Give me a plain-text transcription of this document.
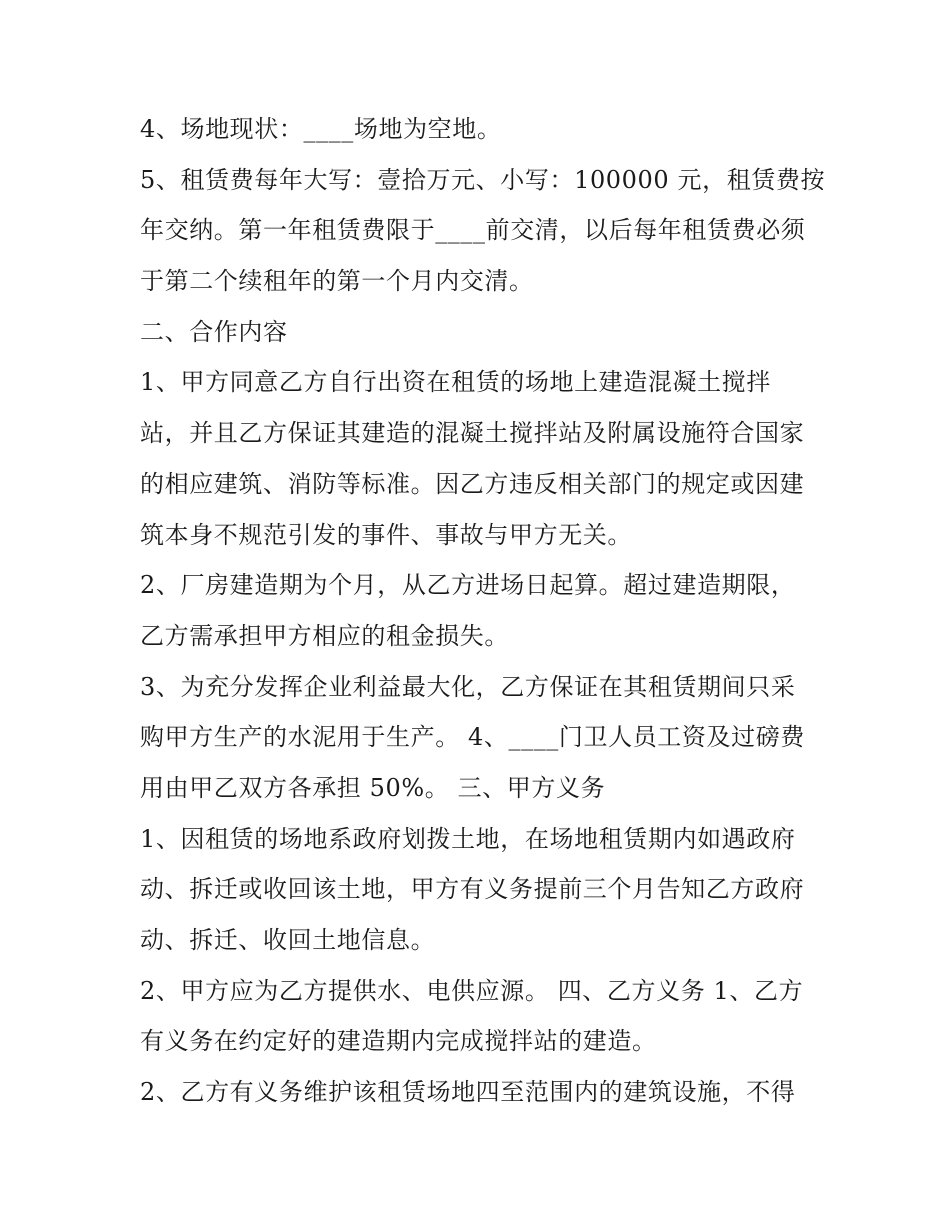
4、场地现状：____场地为空地。
5、租赁费每年大写：壹拾万元、小写：100000 元，租赁费按
年交纳。第一年租赁费限于____前交清，以后每年租赁费必须
于第二个续租年的第一个月内交清。
二、合作内容
1、甲方同意乙方自行出资在租赁的场地上建造混凝土搅拌
站，并且乙方保证其建造的混凝土搅拌站及附属设施符合国家
的相应建筑、消防等标准。因乙方违反相关部门的规定或因建
筑本身不规范引发的事件、事故与甲方无关。
2、厂房建造期为个月，从乙方进场日起算。超过建造期限，
乙方需承担甲方相应的租金损失。
3、为充分发挥企业利益最大化，乙方保证在其租赁期间只采
购甲方生产的水泥用于生产。 4、____门卫人员工资及过磅费
用由甲乙双方各承担 50%。 三、甲方义务
1、因租赁的场地系政府划拨土地，在场地租赁期内如遇政府
动、拆迁或收回该土地，甲方有义务提前三个月告知乙方政府
动、拆迁、收回土地信息。
2、甲方应为乙方提供水、电供应源。 四、乙方义务 1、乙方
有义务在约定好的建造期内完成搅拌站的建造。
2、乙方有义务维护该租赁场地四至范围内的建筑设施，不得
